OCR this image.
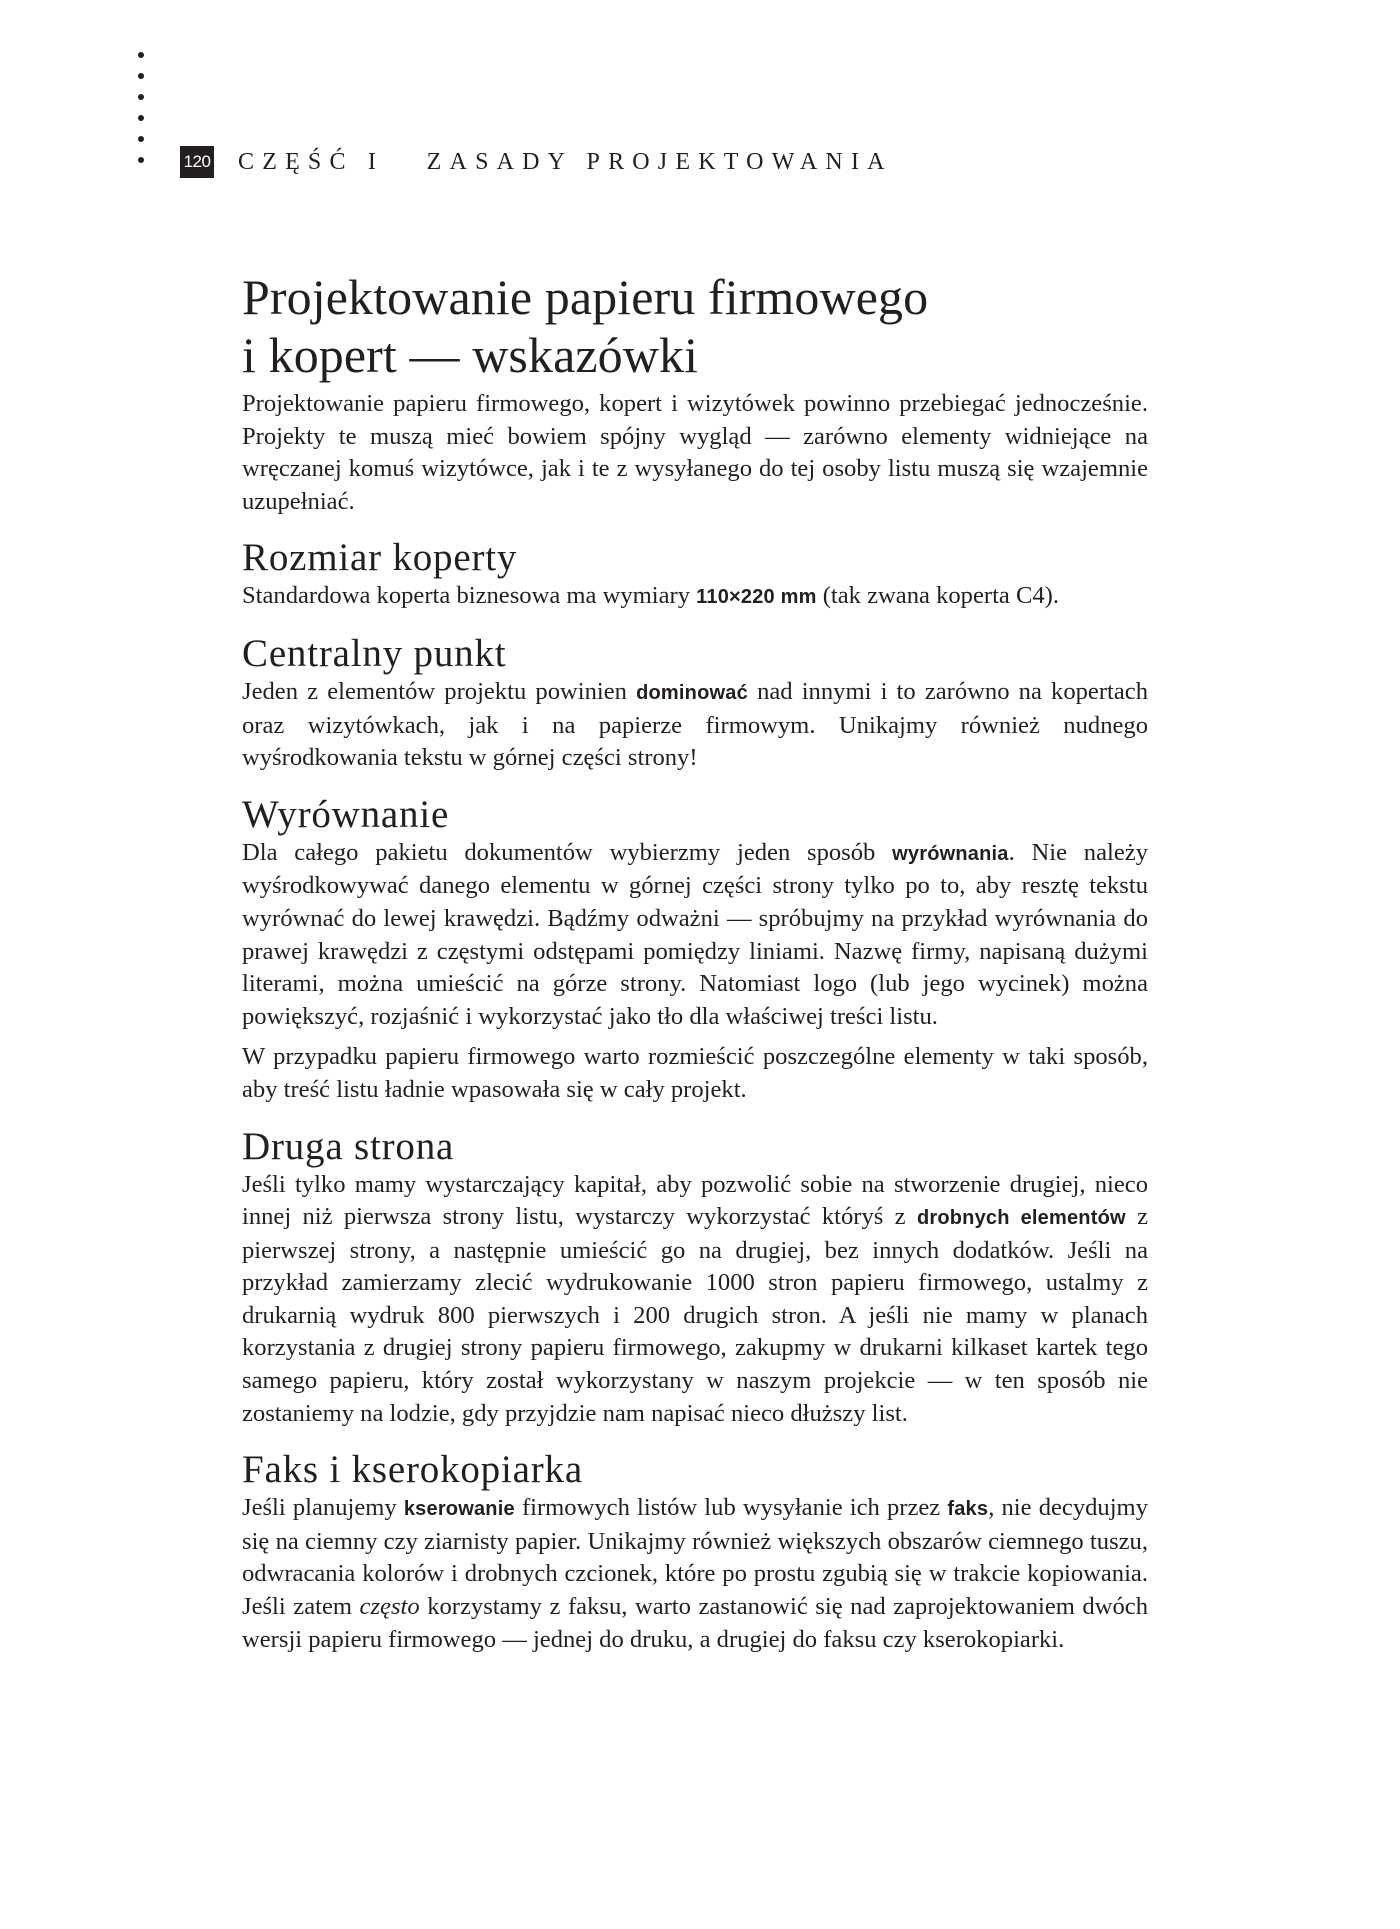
120 CZĘŚĆ I   ZASADY PROJEKTOWANIA
Projektowanie papieru firmowego
i kopert — wskazówki

Projektowanie papieru firmowego, kopert i wizytówek powinno przebiegać jednocześnie. Projekty te muszą mieć bowiem spójny wygląd — zarówno elementy widniejące na wręczanej komuś wizytówce, jak i te z wysyłanego do tej osoby listu muszą się wzajemnie uzupełniać.

Rozmiar koperty

Standardowa koperta biznesowa ma wymiary 110×220 mm (tak zwana koperta C4).

Centralny punkt

Jeden z elementów projektu powinien dominować nad innymi i to zarówno na kopertach oraz wizytówkach, jak i na papierze firmowym. Unikajmy również nudnego wyśrodkowania tekstu w górnej części strony!

Wyrównanie

Dla całego pakietu dokumentów wybierzmy jeden sposób wyrównania. Nie należy wyśrodkowywać danego elementu w górnej części strony tylko po to, aby resztę tekstu wyrównać do lewej krawędzi. Bądźmy odważni — spróbujmy na przykład wyrównania do prawej krawędzi z częstymi odstępami pomiędzy liniami. Nazwę firmy, napisaną dużymi literami, można umieścić na górze strony. Natomiast logo (lub jego wycinek) można powiększyć, rozjaśnić i wykorzystać jako tło dla właściwej treści listu.

W przypadku papieru firmowego warto rozmieścić poszczególne elementy w taki sposób, aby treść listu ładnie wpasowała się w cały projekt.

Druga strona

Jeśli tylko mamy wystarczający kapitał, aby pozwolić sobie na stworzenie drugiej, nieco innej niż pierwsza strony listu, wystarczy wykorzystać któryś z drobnych elementów z pierwszej strony, a następnie umieścić go na drugiej, bez innych dodatków. Jeśli na przykład zamierzamy zlecić wydrukowanie 1000 stron papieru firmowego, ustalmy z drukarnią wydruk 800 pierwszych i 200 drugich stron. A jeśli nie mamy w planach korzystania z drugiej strony papieru firmowego, zakupmy w drukarni kilkaset kartek tego samego papieru, który został wykorzystany w naszym projekcie — w ten sposób nie zostaniemy na lodzie, gdy przyjdzie nam napisać nieco dłuższy list.

Faks i kserokopiarka

Jeśli planujemy kserowanie firmowych listów lub wysyłanie ich przez faks, nie decydujmy się na ciemny czy ziarnisty papier. Unikajmy również większych obszarów ciemnego tuszu, odwracania kolorów i drobnych czcionek, które po prostu zgubią się w trakcie kopiowania. Jeśli zatem często korzystamy z faksu, warto zastanowić się nad zaprojektowaniem dwóch wersji papieru firmowego — jednej do druku, a drugiej do faksu czy kserokopiarki.
